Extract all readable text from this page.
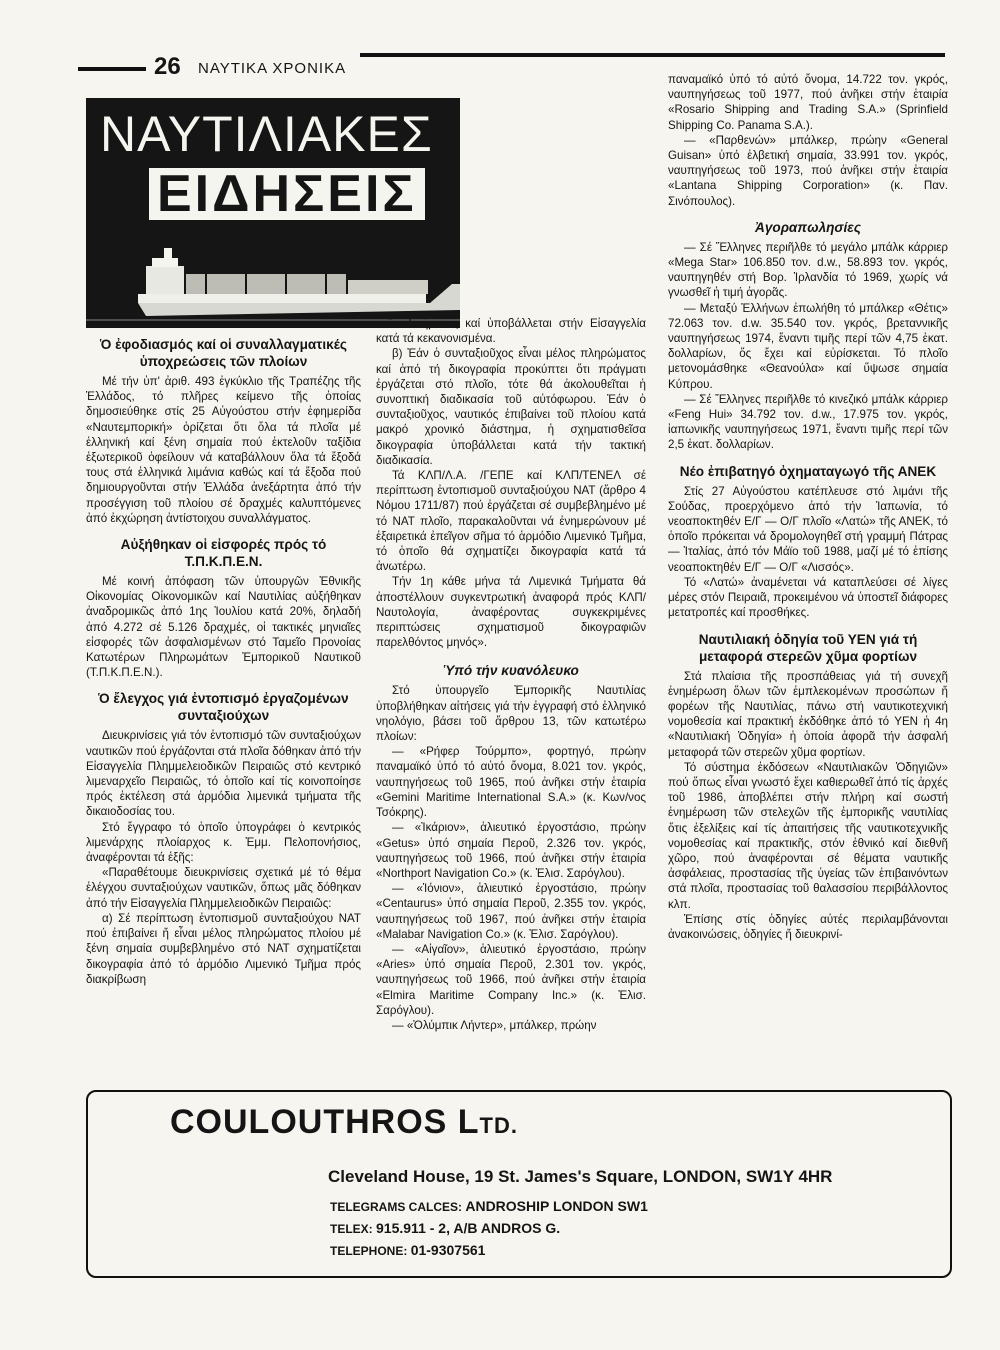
26 ΝΑΥΤΙΚΑ ΧΡΟΝΙΚΑ
ΝΑΥΤΙΛΙΑΚΕΣ
ΕΙΔΗΣΕΙΣ
Ὁ ἐφοδιασμός καί οἱ συναλλαγματικές ὑποχρεώσεις τῶν πλοίων

Μέ τήν ὑπ' ἀριθ. 493 ἐγκύκλιο τῆς Τραπέζης τῆς Ἑλλάδος, τό πλῆρες κείμενο τῆς ὁποίας δημοσιεύθηκε στίς 25 Αὐγούστου στήν ἐφημερίδα «Ναυτεμπορική» ὁρίζεται ὅτι ὅλα τά πλοῖα μέ ἑλληνική καί ξένη σημαία πού ἐκτελοῦν ταξίδια ἐξωτερικοῦ ὀφείλουν νά καταβάλλουν ὅλα τά ἔξοδά τους στά ἑλληνικά λιμάνια καθώς καί τά ἔξοδα πού δημιουργοῦνται στήν Ἑλλάδα ἀνεξάρτητα ἀπό τήν προσέγγιση τοῦ πλοίου σέ δραχμές καλυπτόμενες ἀπό ἐκχώρηση ἀντίστοιχου συναλλάγματος.

Αὐξήθηκαν οἱ εἰσφορές πρός τό Τ.Π.Κ.Π.Ε.Ν.

Μέ κοινή ἀπόφαση τῶν ὑπουργῶν Ἐθνικῆς Οἰκονομίας Οἰκονομικῶν καί Ναυτιλίας αὐξήθηκαν ἀναδρομικῶς ἀπό 1ης Ἰουλίου κατά 20%, δηλαδή ἀπό 4.272 σέ 5.126 δραχμές, οἱ τακτικές μηνιαῖες εἰσφορές τῶν ἀσφαλισμένων στό Ταμεῖο Προνοίας Κατωτέρων Πληρωμάτων Ἐμπορικοῦ Ναυτικοῦ (Τ.Π.Κ.Π.Ε.Ν.).

Ὁ ἔλεγχος γιά ἐντοπισμό ἐργαζομένων συνταξιούχων

Διευκρινίσεις γιά τόν ἐντοπισμό τῶν συνταξιούχων ναυτικῶν πού ἐργάζονται στά πλοῖα δόθηκαν ἀπό τήν Εἰσαγγελία Πλημμελειοδικῶν Πειραιῶς στό κεντρικό λιμεναρχεῖο Πειραιῶς, τό ὁποῖο καί τίς κοινοποίησε πρός ἐκτέλεση στά ἁρμόδια λιμενικά τμήματα τῆς δικαιοδοσίας του.

Στό ἔγγραφο τό ὁποῖο ὑπογράφει ὁ κεντρικός λιμενάρχης πλοίαρχος κ. Ἐμμ. Πελοπονήσιος, ἀναφέρονται τά ἑξῆς:

«Παραθέτουμε διευκρινίσεις σχετικά μέ τό θέμα ἐλέγχου συνταξιούχων ναυτικῶν, ὅπως μᾶς δόθηκαν ἀπό τήν Εἰσαγγελία Πλημμελειοδικῶν Πειραιῶς:

α) Σέ περίπτωση ἐντοπισμοῦ συνταξιούχου ΝΑΤ πού ἐπιβαίνει ἤ εἶναι μέλος πληρώματος πλοίου μέ ξένη σημαία συμβεβλημένο στό ΝΑΤ σχηματίζεται δικογραφία ἀπό τό ἁρμόδιο Λιμενικό Τμῆμα πρός διακρίβωση

τοῦ ἀδικήματος καί ὑποβάλλεται στήν Εἰσαγγελία κατά τά κεκανονισμένα.

β) Ἐάν ὁ συνταξιοῦχος εἶναι μέλος πληρώματος καί ἀπό τή δικογραφία προκύπτει ὅτι πράγματι ἐργάζεται στό πλοῖο, τότε θά ἀκολουθεῖται ἡ συνοπτική διαδικασία τοῦ αὐτόφωρου. Ἐάν ὁ συνταξιοῦχος, ναυτικός ἐπιβαίνει τοῦ πλοίου κατά μακρό χρονικό διάστημα, ἡ σχηματισθεῖσα δικογραφία ὑποβάλλεται κατά τήν τακτική διαδικασία.

Τά ΚΛΠ/Λ.Α. /ΓΕΠΕ καί ΚΛΠ/ΤΕΝΕΛ σέ περίπτωση ἐντοπισμοῦ συνταξιούχου ΝΑΤ (ἄρθρο 4 Νόμου 1711/87) πού ἐργάζεται σέ συμβεβλημένο μέ τό ΝΑΤ πλοῖο, παρακαλοῦνται νά ἐνημερώνουν μέ ἐξαιρετικά ἐπεῖγον σῆμα τό ἁρμόδιο Λιμενικό Τμῆμα, τό ὁποῖο θά σχηματίζει δικογραφία κατά τά ἀνωτέρω.

Τήν 1η κάθε μήνα τά Λιμενικά Τμήματα θά ἀποστέλλουν συγκεντρωτική ἀναφορά πρός ΚΛΠ/ Ναυτολογία, ἀναφέροντας συγκεκριμένες περιπτώσεις σχηματισμοῦ δικογραφιῶν παρελθόντος μηνός».

Ὑπό τήν κυανόλευκο

Στό ὑπουργεῖο Ἐμπορικῆς Ναυτιλίας ὑποβλήθηκαν αἰτήσεις γιά τήν ἐγγραφή στό ἑλληνικό νηολόγιο, βάσει τοῦ ἄρθρου 13, τῶν κατωτέρω πλοίων:

— «Ρήφερ Τούρμπο», φορτηγό, πρώην παναμαϊκό ὑπό τό αὐτό ὄνομα, 8.021 τον. γκρός, ναυπηγήσεως τοῦ 1965, πού ἀνῆκει στήν ἑταιρία «Gemini Maritime International S.A.» (κ. Κων/νος Τσόκρης).

— «Ἰκάριον», ἁλιευτικό ἐργοστάσιο, πρώην «Getus» ὑπό σημαία Περοῦ, 2.326 τον. γκρός, ναυπηγήσεως τοῦ 1966, πού ἀνῆκει στήν ἑταιρία «Northport Navigation Co.» (κ. Ἐλισ. Σαρόγλου).

— «Ἰόνιον», ἁλιευτικό ἐργοστάσιο, πρώην «Centaurus» ὑπό σημαία Περοῦ, 2.355 τον. γκρός, ναυπηγήσεως τοῦ 1967, πού ἀνῆκει στήν ἑταιρία «Malabar Navigation Co.» (κ. Ἐλισ. Σαρόγλου).

— «Αἰγαῖον», ἁλιευτικό ἐργοστάσιο, πρώην «Aries» ὑπό σημαία Περοῦ, 2.301 τον. γκρός, ναυπηγήσεως τοῦ 1966, πού ἀνῆκει στήν ἑταιρία «Elmira Maritime Company Inc.» (κ. Ἐλισ. Σαρόγλου).

— «Ὀλύμπικ Λήντερ», μπάλκερ, πρώην

παναμαϊκό ὑπό τό αὐτό ὄνομα, 14.722 τον. γκρός, ναυπηγήσεως τοῦ 1977, πού ἀνῆκει στήν ἑταιρία «Rosario Shipping and Trading S.A.» (Sprinfield Shipping Co. Panama S.A.).

— «Παρθενών» μπάλκερ, πρώην «General Guisan» ὑπό ἑλβετική σημαία, 33.991 τον. γκρός, ναυπηγήσεως τοῦ 1973, πού ἀνῆκει στήν ἑταιρία «Lantana Shipping Corporation» (κ. Παν. Σινόπουλος).

Ἀγοραπωλησίες

— Σέ Ἕλληνες περιῆλθε τό μεγάλο μπάλκ κάρριερ «Mega Star» 106.850 τον. d.w., 58.893 τον. γκρός, ναυπηγηθέν στή Βορ. Ἰρλανδία τό 1969, χωρίς νά γνωσθεῖ ἡ τιμή ἀγορᾶς.

— Μεταξύ Ἑλλήνων ἐπωλήθη τό μπάλκερ «Θέτις» 72.063 τον. d.w. 35.540 τον. γκρός, βρεταννικῆς ναυπηγήσεως 1974, ἔναντι τιμῆς περί τῶν 4,75 ἑκατ. δολλαρίων, ὅς ἔχει καί εὐρίσκεται. Τό πλοῖο μετονομάσθηκε «Θεανούλα» καί ὕψωσε σημαία Κύπρου.

— Σέ Ἕλληνες περιῆλθε τό κινεζικό μπάλκ κάρριερ «Feng Hui» 34.792 τον. d.w., 17.975 τον. γκρός, ἰαπωνικῆς ναυπηγήσεως 1971, ἔναντι τιμῆς περί τῶν 2,5 ἑκατ. δολλαρίων.

Νέο ἐπιβατηγό ὀχηματαγωγό τῆς ΑΝΕΚ

Στίς 27 Αὐγούστου κατέπλευσε στό λιμάνι τῆς Σούδας, προερχόμενο ἀπό τήν Ἰαπωνία, τό νεοαποκτηθέν Ε/Γ — Ο/Γ πλοῖο «Λατώ» τῆς ΑΝΕΚ, τό ὁποῖο πρόκειται νά δρομολογηθεῖ στή γραμμή Πάτρας — Ἰταλίας, ἀπό τόν Μάϊο τοῦ 1988, μαζί μέ τό ἐπίσης νεοαποκτηθέν Ε/Γ — Ο/Γ «Λισσός».

Τό «Λατώ» ἀναμένεται νά καταπλεύσει σέ λίγες μέρες στόν Πειραιᾶ, προκειμένου νά ὑποστεῖ διάφορες μετατροπές καί προσθήκες.

Ναυτιλιακή ὁδηγία τοῦ ΥΕΝ γιά τή μεταφορά στερεῶν χῦμα φορτίων

Στά πλαίσια τῆς προσπάθειας γιά τή συνεχῆ ἐνημέρωση ὅλων τῶν ἐμπλεκομένων προσώπων ἤ φορέων τῆς Ναυτιλίας, πάνω στή ναυτικοτεχνική νομοθεσία καί πρακτική ἐκδόθηκε ἀπό τό ΥΕΝ ἡ 4η «Ναυτιλιακή Ὁδηγία» ἡ ὁποία ἀφορᾶ τήν ἀσφαλή μεταφορά τῶν στερεῶν χῦμα φορτίων.

Τό σύστημα ἐκδόσεων «Ναυτιλιακῶν Ὁδηγιῶν» πού ὅπως εἶναι γνωστό ἔχει καθιερωθεῖ ἀπό τίς ἀρχές τοῦ 1986, ἀποβλέπει στήν πλήρη καί σωστή ἐνημέρωση τῶν στελεχῶν τῆς ἐμπορικῆς ναυτιλίας ὅτις ἐξελίξεις καί τίς ἀπαιτήσεις τῆς ναυτικοτεχνικῆς νομοθεσίας καί πρακτικῆς, στόν ἐθνικό καί διεθνῆ χῶρο, πού ἀναφέρονται σέ θέματα ναυτικῆς ἀσφάλειας, προστασίας τῆς ὑγείας τῶν ἐπιβαινόντων στά πλοῖα, προστασίας τοῦ θαλασσίου περιβάλλοντος κλπ.

Ἐπίσης στίς ὁδηγίες αὐτές περιλαμβάνονται ἀνακοινώσεις, ὁδηγίες ἤ διευκρινί-

COULOUTHROS LTD.
Cleveland House, 19 St. James's Square, LONDON, SW1Y 4HR
TELEGRAMS CALCES: ANDROSHIP LONDON SW1
TELEX: 915.911 - 2, A/B ANDROS G.
TELEPHONE: 01-9307561
